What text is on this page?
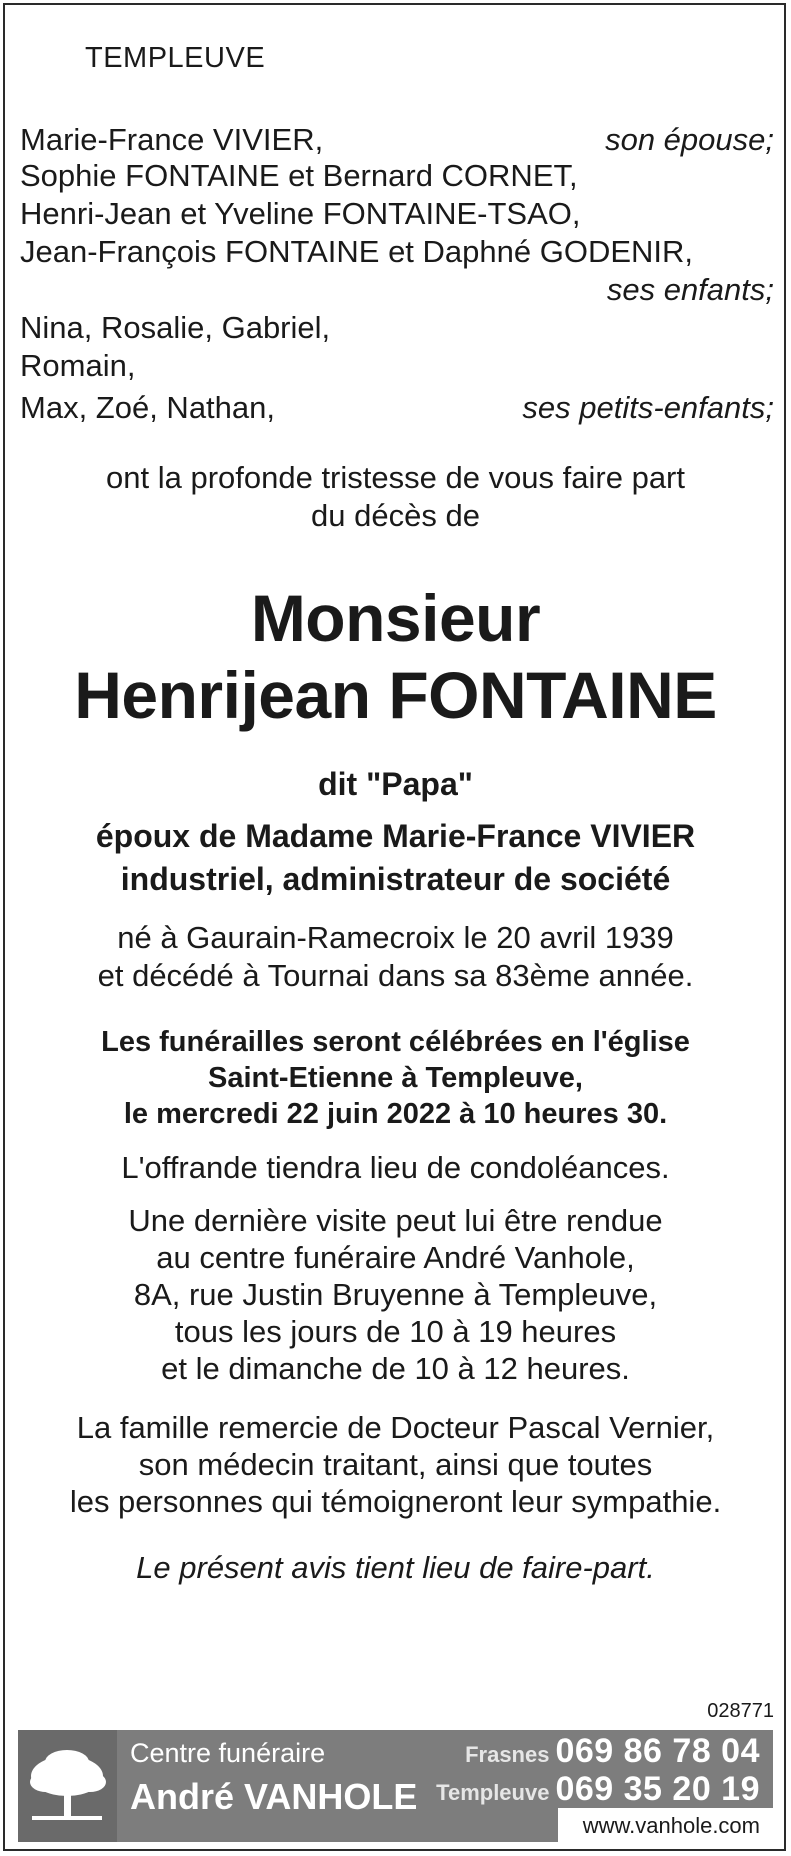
TEMPLEUVE
Marie-France VIVIER,	son épouse;
Sophie FONTAINE et Bernard CORNET,
Henri-Jean et Yveline FONTAINE-TSAO,
Jean-François FONTAINE et Daphné GODENIR,
ses enfants;
Nina, Rosalie, Gabriel,
Romain,
Max, Zoé, Nathan,	ses petits-enfants;
ont la profonde tristesse de vous faire part
du décès de
Monsieur
Henrijean FONTAINE
dit "Papa"
époux de Madame Marie-France VIVIER
industriel, administrateur de société
né à Gaurain-Ramecroix le 20 avril 1939
et décédé à Tournai dans sa 83ème année.
Les funérailles seront célébrées en l'église
Saint-Etienne à Templeuve,
le mercredi 22 juin 2022 à 10 heures 30.
L'offrande tiendra lieu de condoléances.
Une dernière visite peut lui être rendue
au centre funéraire André Vanhole,
8A, rue Justin Bruyenne à Templeuve,
tous les jours de 10 à 19 heures
et le dimanche de 10 à 12 heures.
La famille remercie de Docteur Pascal Vernier,
son médecin traitant, ainsi que toutes
les personnes qui témoigneront leur sympathie.
Le présent avis tient lieu de faire-part.
028771
Centre funéraire
André VANHOLE
Frasnes 069 86 78 04
Templeuve 069 35 20 19
www.vanhole.com
